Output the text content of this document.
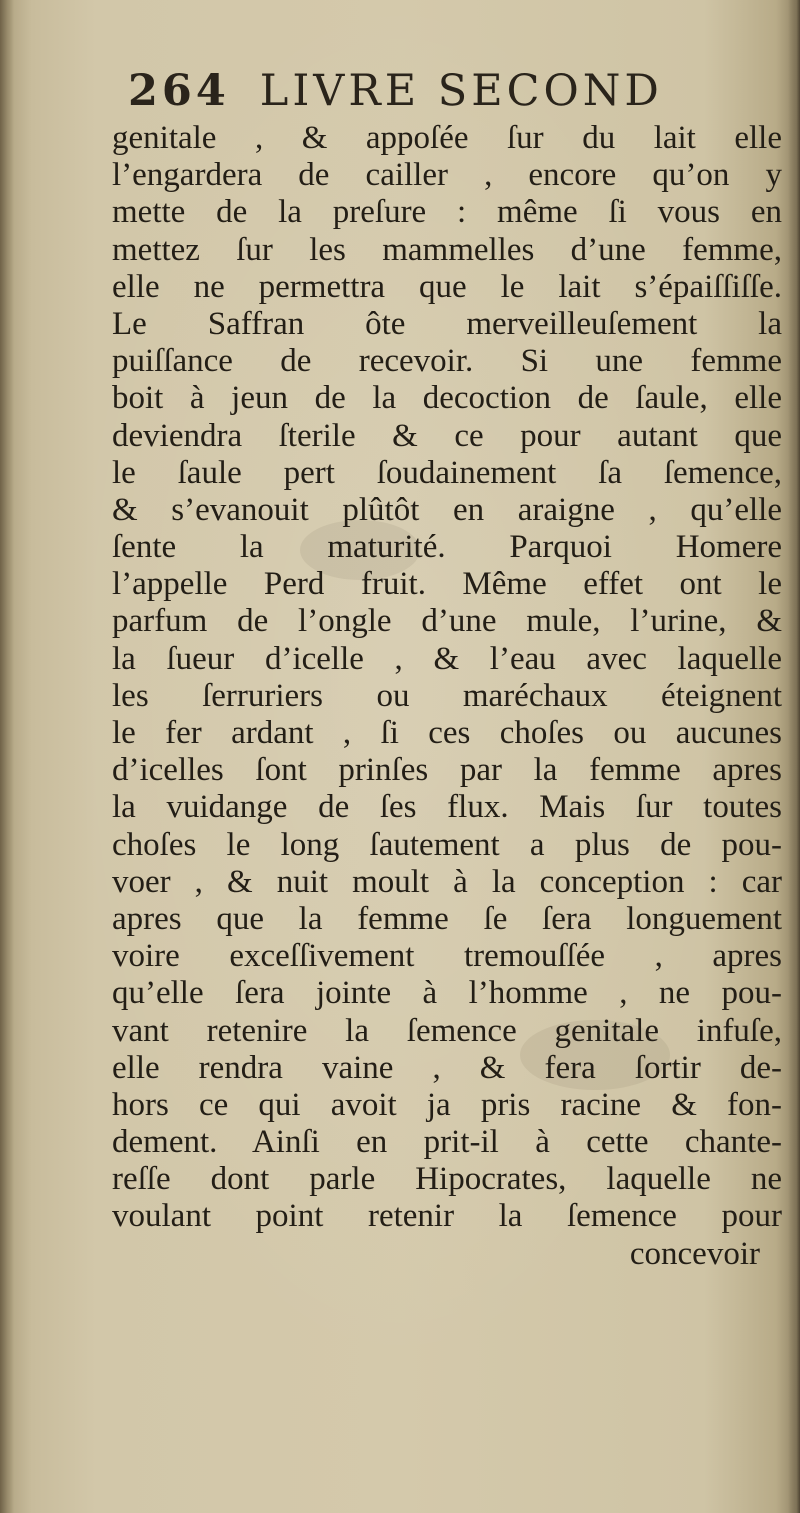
264 LIVRE SECOND
genitale , & appoſée ſur du lait elle
l’engardera de cailler , encore qu’on y
mette de la preſure : même ſi vous en
mettez ſur les mammelles d’une femme,
elle ne permettra que le lait s’épaiſſiſſe.
Le Saffran ôte merveilleuſement la
puiſſance de recevoir. Si une femme
boit à jeun de la decoction de ſaule, elle
deviendra ſterile & ce pour autant que
le ſaule pert ſoudainement ſa ſemence,
& s’evanouit plûtôt en araigne , qu’elle
ſente la maturité. Parquoi Homere
l’appelle Perd fruit. Même effet ont le
parfum de l’ongle d’une mule, l’urine, &
la ſueur d’icelle , & l’eau avec laquelle
les ſerruriers ou maréchaux éteignent
le fer ardant , ſi ces choſes ou aucunes
d’icelles ſont prinſes par la femme apres
la vuidange de ſes flux. Mais ſur toutes
choſes le long ſautement a plus de pou-
voer , & nuit moult à la conception : car
apres que la femme ſe ſera longuement
voire exceſſivement tremouſſée , apres
qu’elle ſera jointe à l’homme , ne pou-
vant retenire la ſemence genitale infuſe,
elle rendra vaine , & fera ſortir de-
hors ce qui avoit ja pris racine & fon-
dement. Ainſi en prit-il à cette chante-
reſſe dont parle Hipocrates, laquelle ne
voulant point retenir la ſemence pour
concevoir
